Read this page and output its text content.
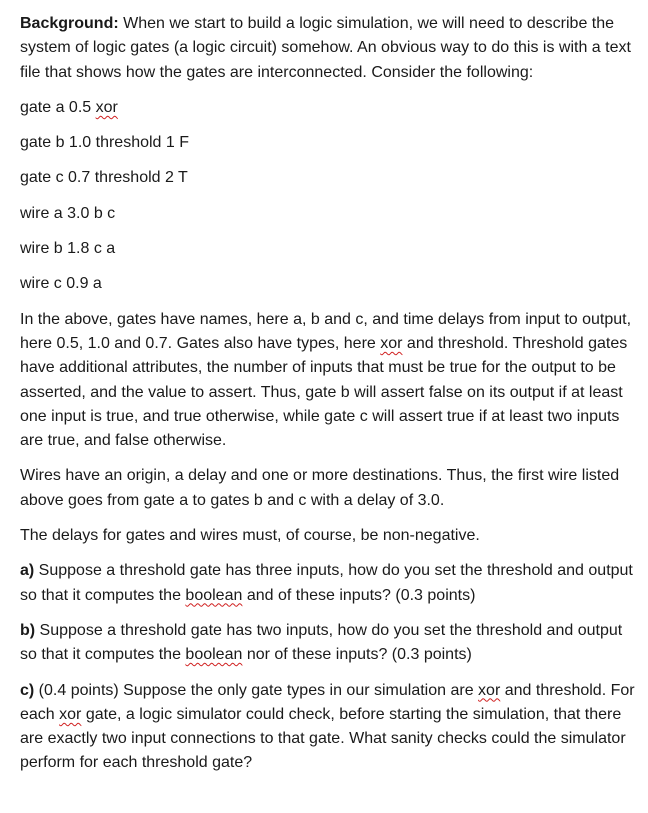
Background: When we start to build a logic simulation, we will need to describe the system of logic gates (a logic circuit) somehow. An obvious way to do this is with a text file that shows how the gates are interconnected. Consider the following:

gate a 0.5 xor

gate b 1.0 threshold 1 F

gate c 0.7 threshold 2 T

wire a 3.0 b c

wire b 1.8 c a

wire c 0.9 a

In the above, gates have names, here a, b and c, and time delays from input to output, here 0.5, 1.0 and 0.7. Gates also have types, here xor and threshold. Threshold gates have additional attributes, the number of inputs that must be true for the output to be asserted, and the value to assert. Thus, gate b will assert false on its output if at least one input is true, and true otherwise, while gate c will assert true if at least two inputs are true, and false otherwise.

Wires have an origin, a delay and one or more destinations. Thus, the first wire listed above goes from gate a to gates b and c with a delay of 3.0.

The delays for gates and wires must, of course, be non-negative.

a) Suppose a threshold gate has three inputs, how do you set the threshold and output so that it computes the boolean and of these inputs? (0.3 points)

b) Suppose a threshold gate has two inputs, how do you set the threshold and output so that it computes the boolean nor of these inputs? (0.3 points)

c) (0.4 points) Suppose the only gate types in our simulation are xor and threshold. For each xor gate, a logic simulator could check, before starting the simulation, that there are exactly two input connections to that gate. What sanity checks could the simulator perform for each threshold gate?
